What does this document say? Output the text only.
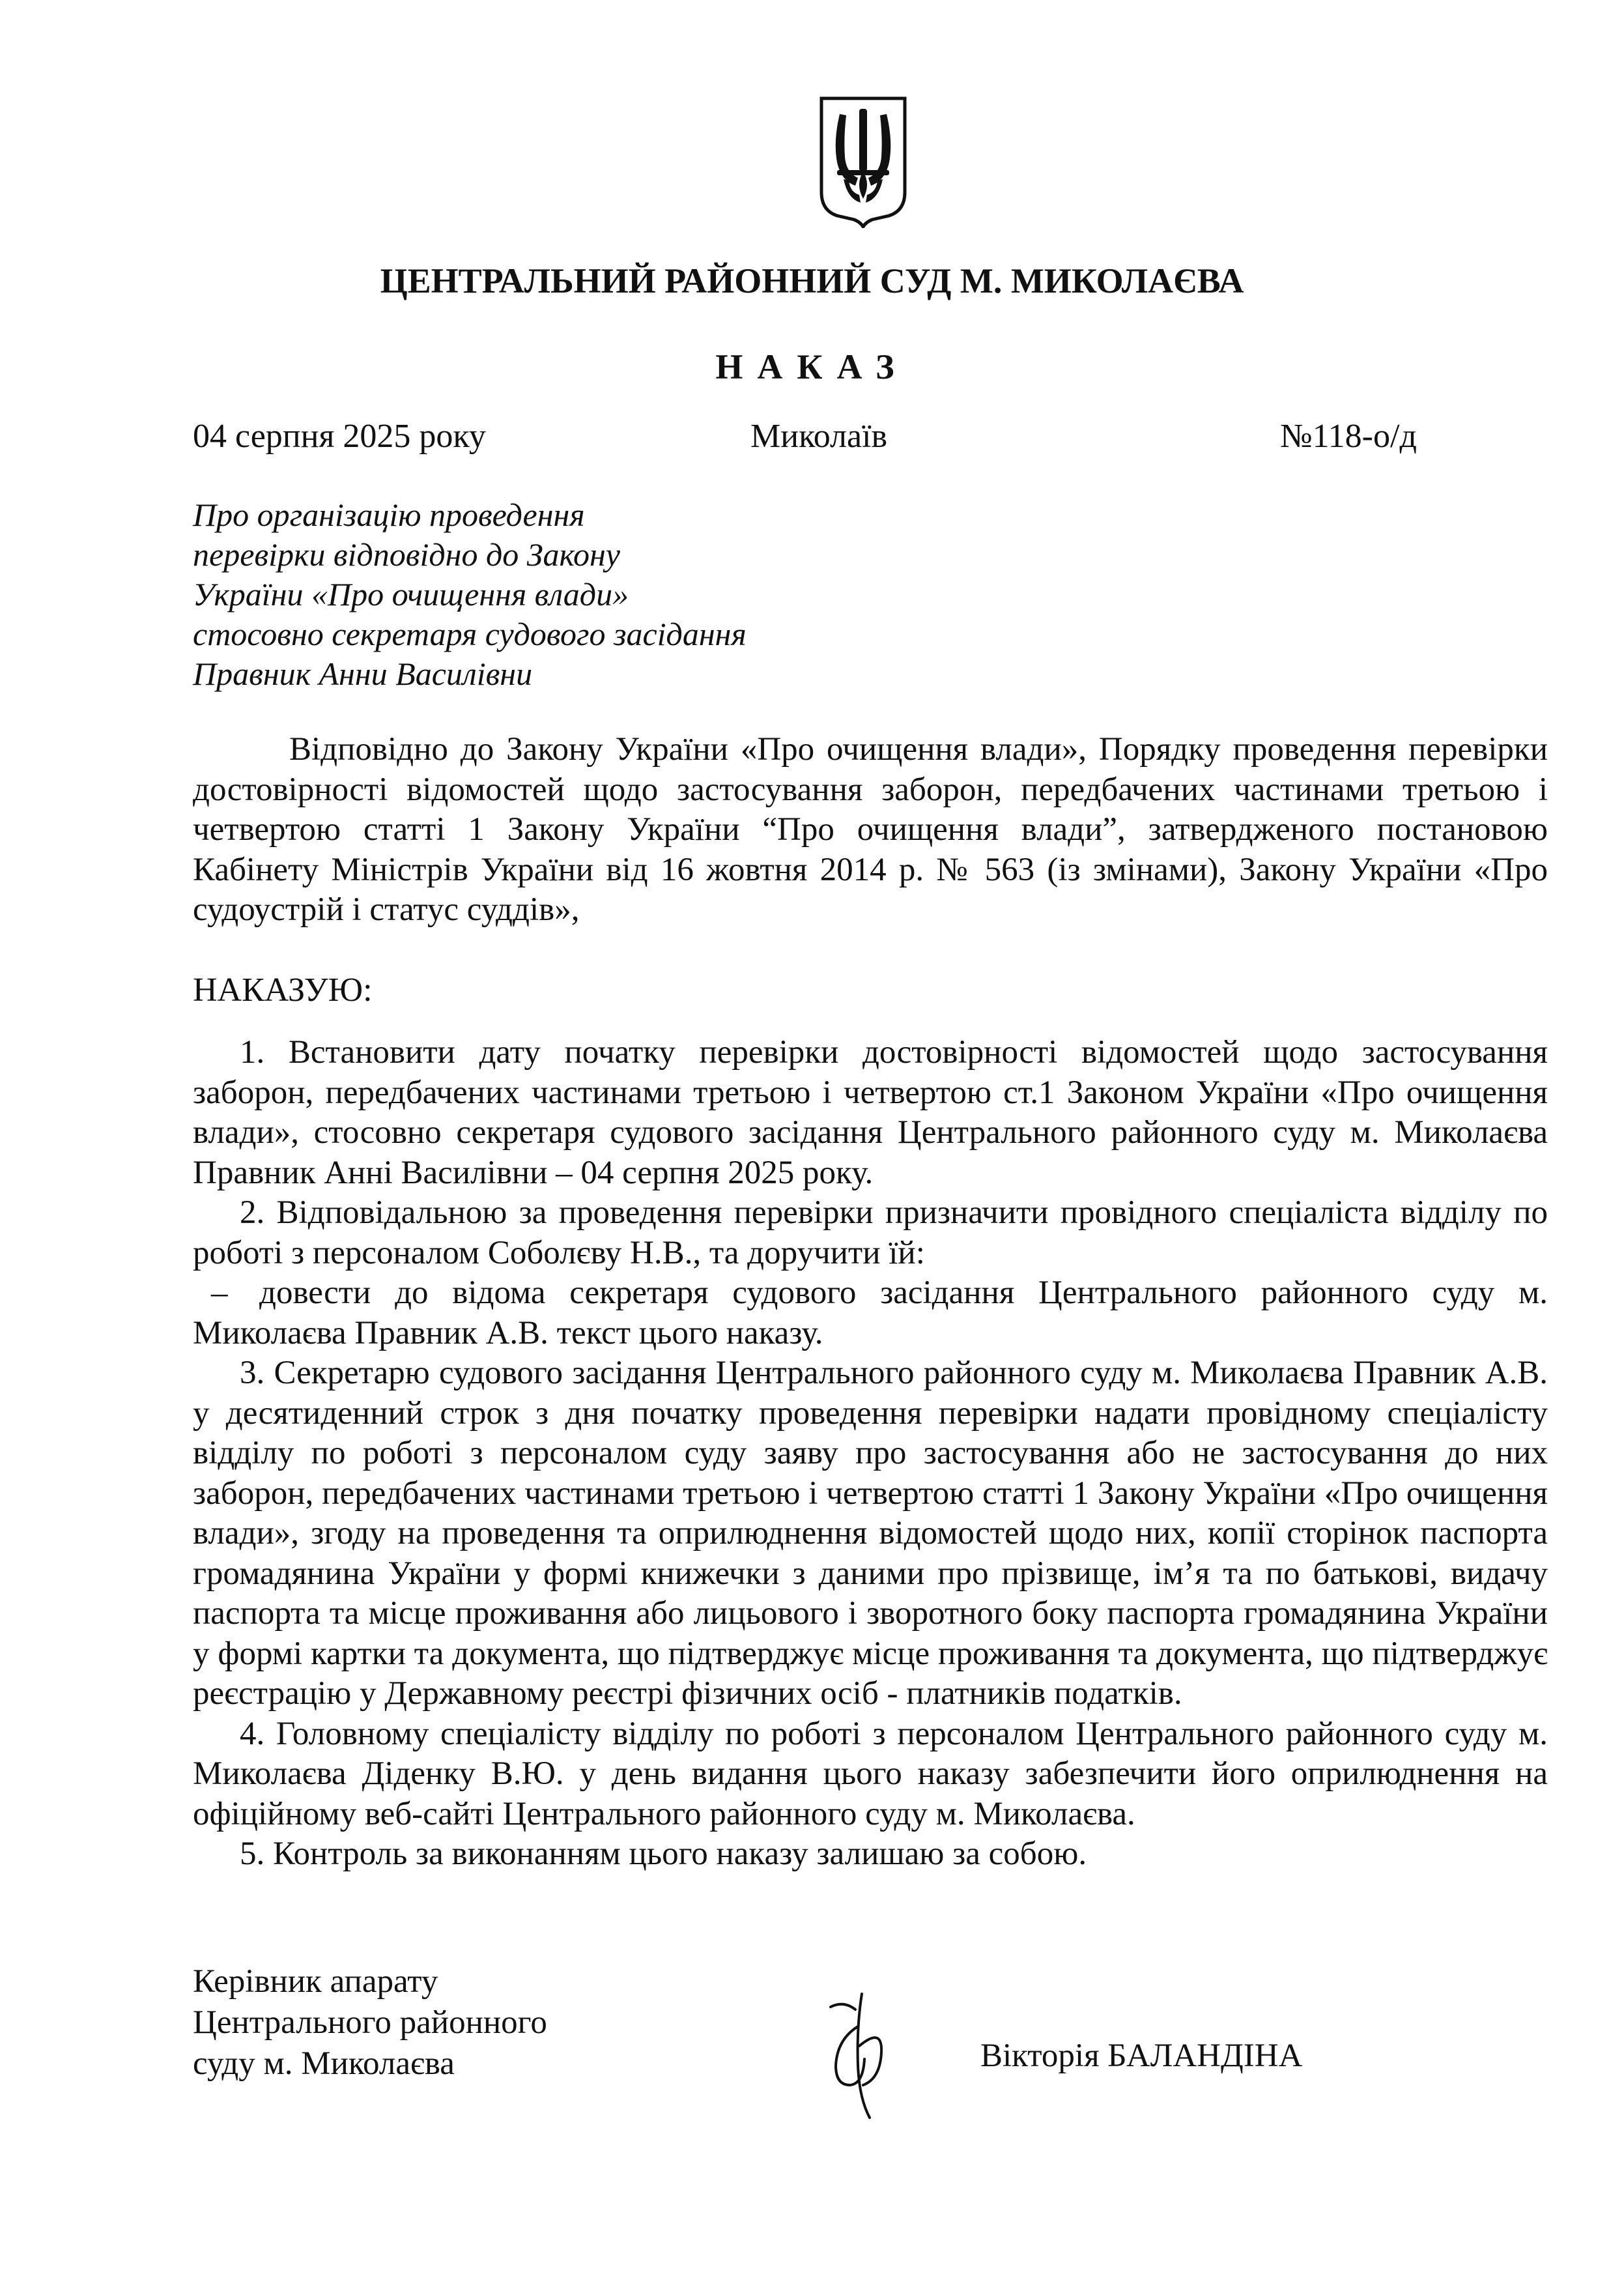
ЦЕНТРАЛЬНИЙ РАЙОННИЙ СУД М. МИКОЛАЄВА
НАКАЗ
04 серпня 2025 року	Миколаїв	№118-о/д
Про організацію проведення
перевірки відповідно до Закону
України «Про очищення влади»
стосовно секретаря судового засідання
Правник Анни Василівни
Відповідно до Закону України «Про очищення влади», Порядку проведення перевірки достовірності відомостей щодо застосування заборон, передбачених частинами третьою і четвертою статті 1 Закону України “Про очищення влади”, затвердженого постановою Кабінету Міністрів України від 16 жовтня 2014 р. № 563 (із змінами), Закону України «Про судоустрій і статус суддів»,
НАКАЗУЮ:

1. Встановити дату початку перевірки достовірності відомостей щодо застосування заборон, передбачених частинами третьою і четвертою ст.1 Законом України «Про очищення влади», стосовно секретаря судового засідання Центрального районного суду м. Миколаєва Правник Анні Василівни – 04 серпня 2025 року.

2. Відповідальною за проведення перевірки призначити провідного спеціаліста відділу по роботі з персоналом Соболєву Н.В., та доручити їй:

– довести до відома секретаря судового засідання Центрального районного суду м. Миколаєва Правник А.В. текст цього наказу.

3. Секретарю судового засідання Центрального районного суду м. Миколаєва Правник А.В. у десятиденний строк з дня початку проведення перевірки надати провідному спеціалісту відділу по роботі з персоналом суду заяву про застосування або не застосування до них заборон, передбачених частинами третьою і четвертою статті 1 Закону України «Про очищення влади», згоду на проведення та оприлюднення відомостей щодо них, копії сторінок паспорта громадянина України у формі книжечки з даними про прізвище, ім’я та по батькові, видачу паспорта та місце проживання або лицьового і зворотного боку паспорта громадянина України у формі картки та документа, що підтверджує місце проживання та документа, що підтверджує реєстрацію у Державному реєстрі фізичних осіб - платників податків.

4. Головному спеціалісту відділу по роботі з персоналом Центрального районного суду м. Миколаєва Діденку В.Ю. у день видання цього наказу забезпечити його оприлюднення на офіційному веб-сайті Центрального районного суду м. Миколаєва.

5. Контроль за виконанням цього наказу залишаю за собою.

Керівник апарату
Центрального районного
суду м. Миколаєва	Вікторія БАЛАНДІНА
